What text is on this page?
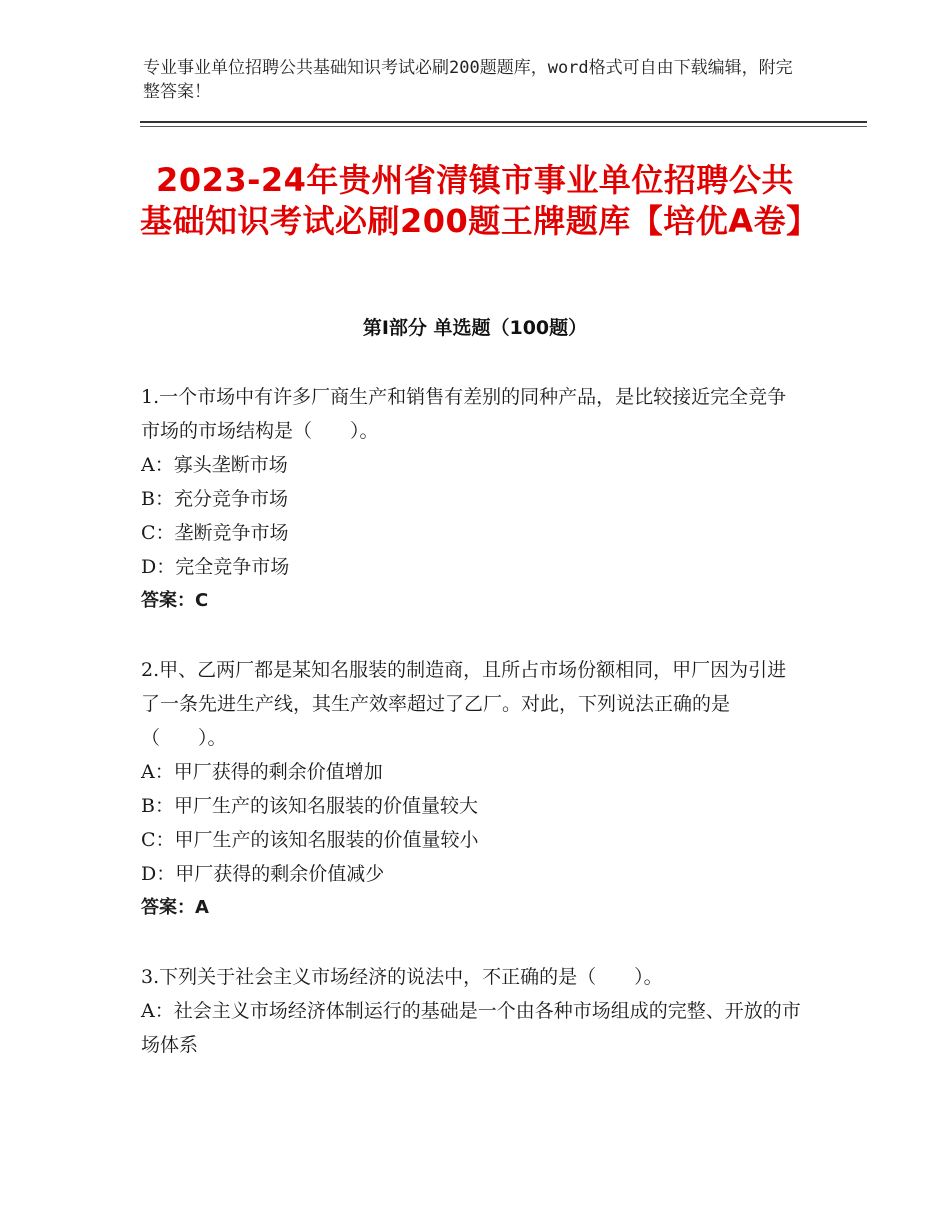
专业事业单位招聘公共基础知识考试必刷200题题库，word格式可自由下载编辑，附完整答案！
2023-24年贵州省清镇市事业单位招聘公共基础知识考试必刷200题王牌题库【培优A卷】
第Ⅰ部分 单选题（100题）

1.一个市场中有许多厂商生产和销售有差别的同种产品，是比较接近完全竞争市场的市场结构是（　　）。

A：寡头垄断市场

B：充分竞争市场

C：垄断竞争市场

D：完全竞争市场

答案：C

2.甲、乙两厂都是某知名服装的制造商，且所占市场份额相同，甲厂因为引进了一条先进生产线，其生产效率超过了乙厂。对此，下列说法正确的是（　　）。

A：甲厂获得的剩余价值增加

B：甲厂生产的该知名服装的价值量较大

C：甲厂生产的该知名服装的价值量较小

D：甲厂获得的剩余价值减少

答案：A

3.下列关于社会主义市场经济的说法中，不正确的是（　　）。

A：社会主义市场经济体制运行的基础是一个由各种市场组成的完整、开放的市场体系
